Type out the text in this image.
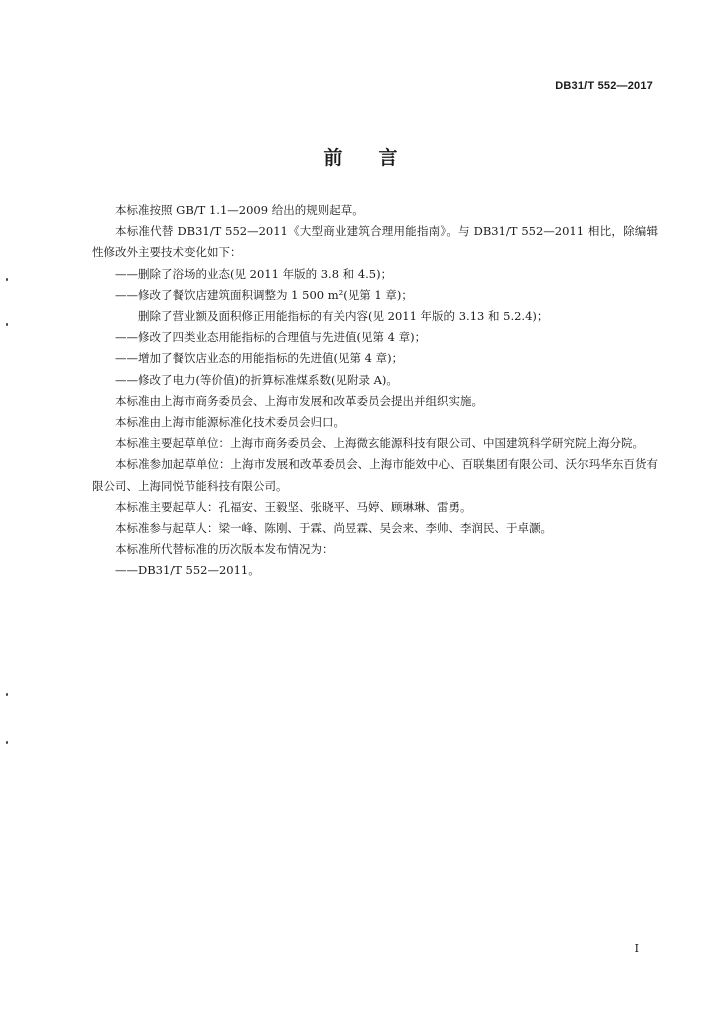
DB31/T 552—2017
前言

本标准按照 GB/T 1.1—2009 给出的规则起草。

本标准代替 DB31/T 552—2011《大型商业建筑合理用能指南》。与 DB31/T 552—2011 相比，除编辑性修改外主要技术变化如下：

——删除了浴场的业态(见 2011 年版的 3.8 和 4.5)；

——修改了餐饮店建筑面积调整为 1 500 m²(见第 1 章)；

删除了营业额及面积修正用能指标的有关内容(见 2011 年版的 3.13 和 5.2.4)；

——修改了四类业态用能指标的合理值与先进值(见第 4 章)；

——增加了餐饮店业态的用能指标的先进值(见第 4 章)；

——修改了电力(等价值)的折算标准煤系数(见附录 A)。

本标准由上海市商务委员会、上海市发展和改革委员会提出并组织实施。

本标准由上海市能源标准化技术委员会归口。

本标准主要起草单位：上海市商务委员会、上海微玄能源科技有限公司、中国建筑科学研究院上海分院。

本标准参加起草单位：上海市发展和改革委员会、上海市能效中心、百联集团有限公司、沃尔玛华东百货有限公司、上海同悦节能科技有限公司。

本标准主要起草人：孔福安、王毅坚、张晓平、马婷、顾琳琳、雷勇。

本标准参与起草人：梁一峰、陈刚、于霖、尚昱霖、吴会来、李帅、李润民、于卓灏。

本标准所代替标准的历次版本发布情况为：

——DB31/T 552—2011。

I
